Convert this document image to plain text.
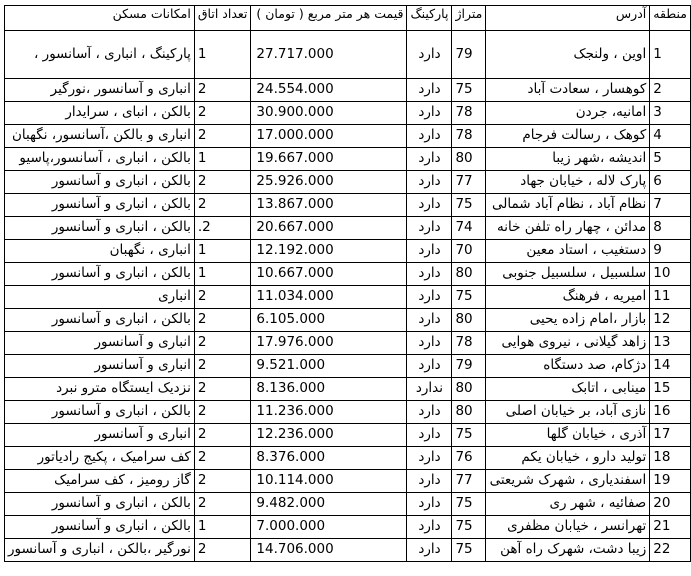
منطقه	آدرس	متراژ	پارکینگ	قیمت هر متر مربع ( تومان )	تعداد اتاق	امکانات مسکن
1	اوین ، ولنجک	79	دارد	27.717.000	1	پارکینگ ، انباری ، آسانسور ،
2	کوهسار ، سعادت آباد	75	دارد	24.554.000	2	انباری و آسانسور ،نورگیر
3	امانیه، جردن	78	دارد	30.900.000	2	بالکن ، انبای ، سرایدار
4	کوهک ، رسالت فرجام	78	دارد	17.000.000	2	انباری و بالکن ،آسانسور، نگهبان
5	اندیشه ،شهر زیبا	80	دارد	19.667.000	1	بالکن ، انباری ، آسانسور،پاسیو
6	پارک لاله ، خیابان جهاد	77	دارد	25.926.000	2	بالکن ، انباری و آسانسور
7	نظام آباد ، نظام آباد شمالی	75	دارد	13.867.000	2	بالکن ، انباری و آسانسور
8	مدائن ، چهار راه تلفن خانه	74	دارد	20.667.000	2.	بالکن ، انباری و آسانسور
9	دستغیب ، استاد معین	70	دارد	12.192.000	1	انباری ، نگهبان
10	سلسبیل ، سلسبیل جنوبی	80	دارد	10.667.000	1	بالکن ، انباری و آسانسور
11	امیریه ، فرهنگ	75	دارد	11.034.000	2	انباری
12	بازار ،امام زاده یحیی	80	دارد	6.105.000	2	بالکن ، انباری و آسانسور
13	زاهد گیلانی ، نیروی هوایی	78	دارد	17.976.000	2	انباری و آسانسور
14	دژکام، صد دستگاه	79	دارد	9.521.000	2	انباری و آسانسور
15	مینابی ، اتابک	80	ندارد	8.136.000	2	نزدیک ایستگاه مترو نبرد
16	نازی آباد، بر خیابان اصلی	80	دارد	11.236.000	2	بالکن ، انباری و آسانسور
17	آذری ، خیابان گلها	75	دارد	12.236.000	2	انباری و آسانسور
18	تولید دارو ، خیابان یکم	76	دارد	8.376.000	2	کف سرامیک ، پکیج رادیاتور
19	اسفندیاری ، شهرک شریعتی	77	دارد	10.114.000	2	گاز رومیز ، کف سرامیک
20	صفائیه ، شهر ری	75	دارد	9.482.000	2	بالکن ، انباری و آسانسور
21	تهرانسر ، خیابان مظفری	75	دارد	7.000.000	1	بالکن ، انباری و آسانسور
22	زیبا دشت، شهرک راه آهن	75	دارد	14.706.000	2	نورگیر ،بالکن ، انباری و آسانسور
